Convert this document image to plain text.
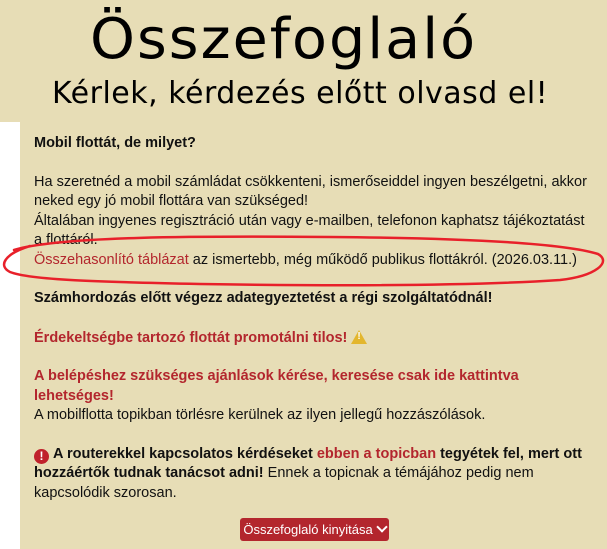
Összefoglaló
Kérlek, kérdezés előtt olvasd el!

Mobil flottát, de milyet?

Ha szeretnéd a mobil számládat csökkenteni, ismerőseiddel ingyen beszélgetni, akkor neked egy jó mobil flottára van szükséged!

Általában ingyenes regisztráció után vagy e-mailben, telefonon kaphatsz tájékoztatást a flottáról.

Összehasonlító táblázat az ismertebb, még működő publikus flottákról. (2026.03.11.)

Számhordozás előtt végezz adategyeztetést a régi szolgáltatódnál!

Érdekeltségbe tartozó flottát promotálni tilos!!

A belépéshez szükséges ajánlások kérése, keresése csak ide kattintva lehetséges!

A mobilflotta topikban törlésre kerülnek az ilyen jellegű hozzászólások.

! A routerekkel kapcsolatos kérdéseket ebben a topicban tegyétek fel, mert ott hozzáértők tudnak tanácsot adni! Ennek a topicnak a témájához pedig nem kapcsolódik szorosan.

Összefoglaló kinyitása
